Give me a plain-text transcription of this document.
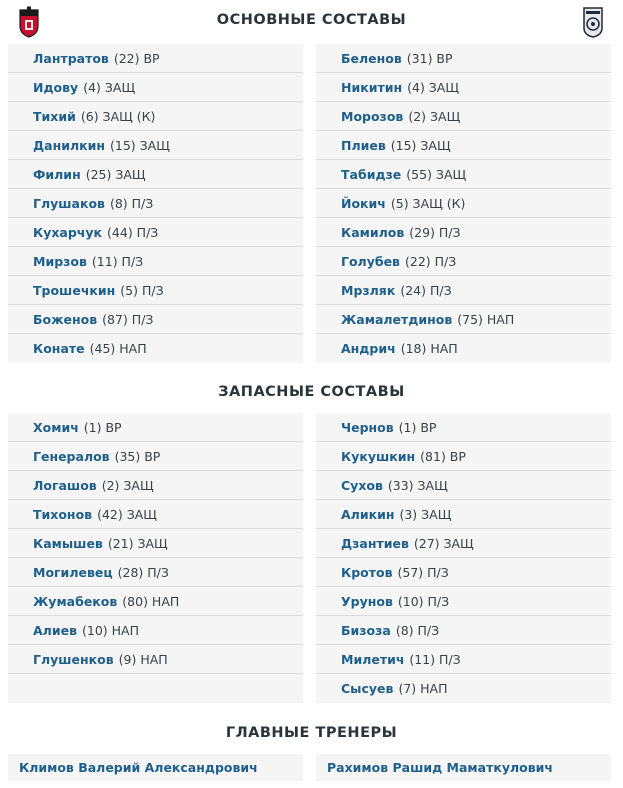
ОСНОВНЫЕ СОСТАВЫ
Лантратов (22) ВР
Идову (4) ЗАЩ
Тихий (6) ЗАЩ (К)
Данилкин (15) ЗАЩ
Филин (25) ЗАЩ
Глушаков (8) П/З
Кухарчук (44) П/З
Мирзов (11) П/З
Трошечкин (5) П/З
Боженов (87) П/З
Конате (45) НАП
Беленов (31) ВР
Никитин (4) ЗАЩ
Морозов (2) ЗАЩ
Плиев (15) ЗАЩ
Табидзе (55) ЗАЩ
Йокич (5) ЗАЩ (К)
Камилов (29) П/З
Голубев (22) П/З
Мрзляк (24) П/З
Жамалетдинов (75) НАП
Андрич (18) НАП
ЗАПАСНЫЕ СОСТАВЫ
Хомич (1) ВР
Генералов (35) ВР
Логашов (2) ЗАЩ
Тихонов (42) ЗАЩ
Камышев (21) ЗАЩ
Могилевец (28) П/З
Жумабеков (80) НАП
Алиев (10) НАП
Глушенков (9) НАП
Чернов (1) ВР
Кукушкин (81) ВР
Сухов (33) ЗАЩ
Аликин (3) ЗАЩ
Дзантиев (27) ЗАЩ
Кротов (57) П/З
Урунов (10) П/З
Бизоза (8) П/З
Милетич (11) П/З
Сысуев (7) НАП
ГЛАВНЫЕ ТРЕНЕРЫ
Климов Валерий Александрович	Рахимов Рашид Маматкулович
